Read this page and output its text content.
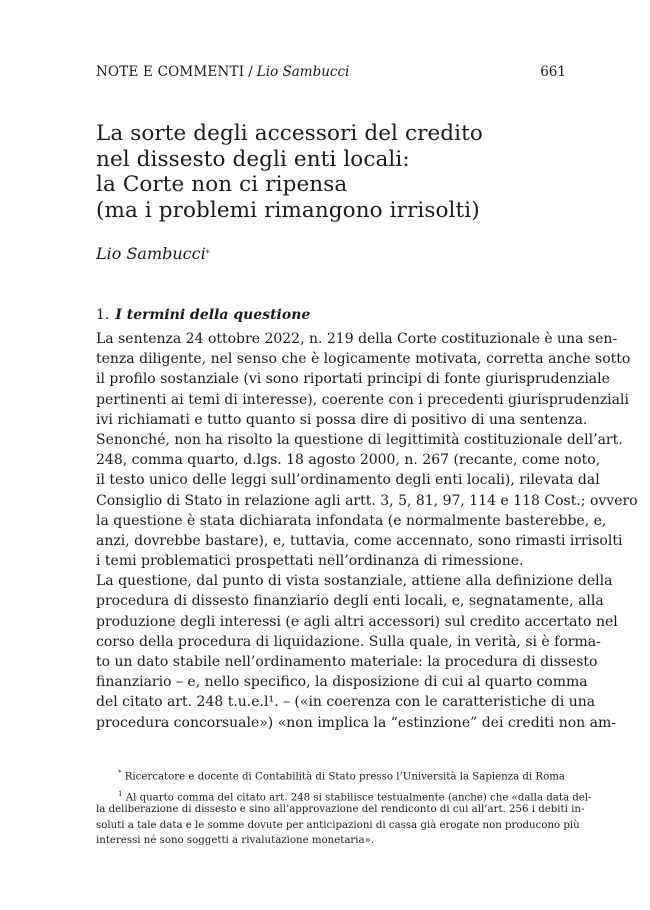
NOTE E COMMENTI / Lio Sambucci	661
La sorte degli accessori del credito
nel dissesto degli enti locali:
la Corte non ci ripensa
(ma i problemi rimangono irrisolti)
Lio Sambucci*
1. I termini della questione
La sentenza 24 ottobre 2022, n. 219 della Corte costituzionale è una sen-
tenza diligente, nel senso che è logicamente motivata, corretta anche sotto
il profilo sostanziale (vi sono riportati principi di fonte giurisprudenziale
pertinenti ai temi di interesse), coerente con i precedenti giurisprudenziali
ivi richiamati e tutto quanto si possa dire di positivo di una sentenza.
Senonché, non ha risolto la questione di legittimità costituzionale dell’art.
248, comma quarto, d.lgs. 18 agosto 2000, n. 267 (recante, come noto,
il testo unico delle leggi sull’ordinamento degli enti locali), rilevata dal
Consiglio di Stato in relazione agli artt. 3, 5, 81, 97, 114 e 118 Cost.; ovvero
la questione è stata dichiarata infondata (e normalmente basterebbe, e,
anzi, dovrebbe bastare), e, tuttavia, come accennato, sono rimasti irrisolti
i temi problematici prospettati nell’ordinanza di rimessione.
La questione, dal punto di vista sostanziale, attiene alla definizione della
procedura di dissesto finanziario degli enti locali, e, segnatamente, alla
produzione degli interessi (e agli altri accessori) sul credito accertato nel
corso della procedura di liquidazione. Sulla quale, in verità, si è forma-
to un dato stabile nell’ordinamento materiale: la procedura di dissesto
finanziario – e, nello specifico, la disposizione di cui al quarto comma
del citato art. 248 t.u.e.l¹. – («in coerenza con le caratteristiche di una
procedura concorsuale») «non implica la “estinzione” dei crediti non am-
* Ricercatore e docente di Contabilità di Stato presso l’Università la Sapienza di Roma
$^1$ Al quarto comma del citato art. 248 si stabilisce testualmente (anche) che «dalla data del-
la deliberazione di dissesto e sino all’approvazione del rendiconto di cui all’art. 256 i debiti in-
soluti a tale data e le somme dovute per anticipazioni di cassa già erogate non producono più
interessi né sono soggetti a rivalutazione monetaria».
